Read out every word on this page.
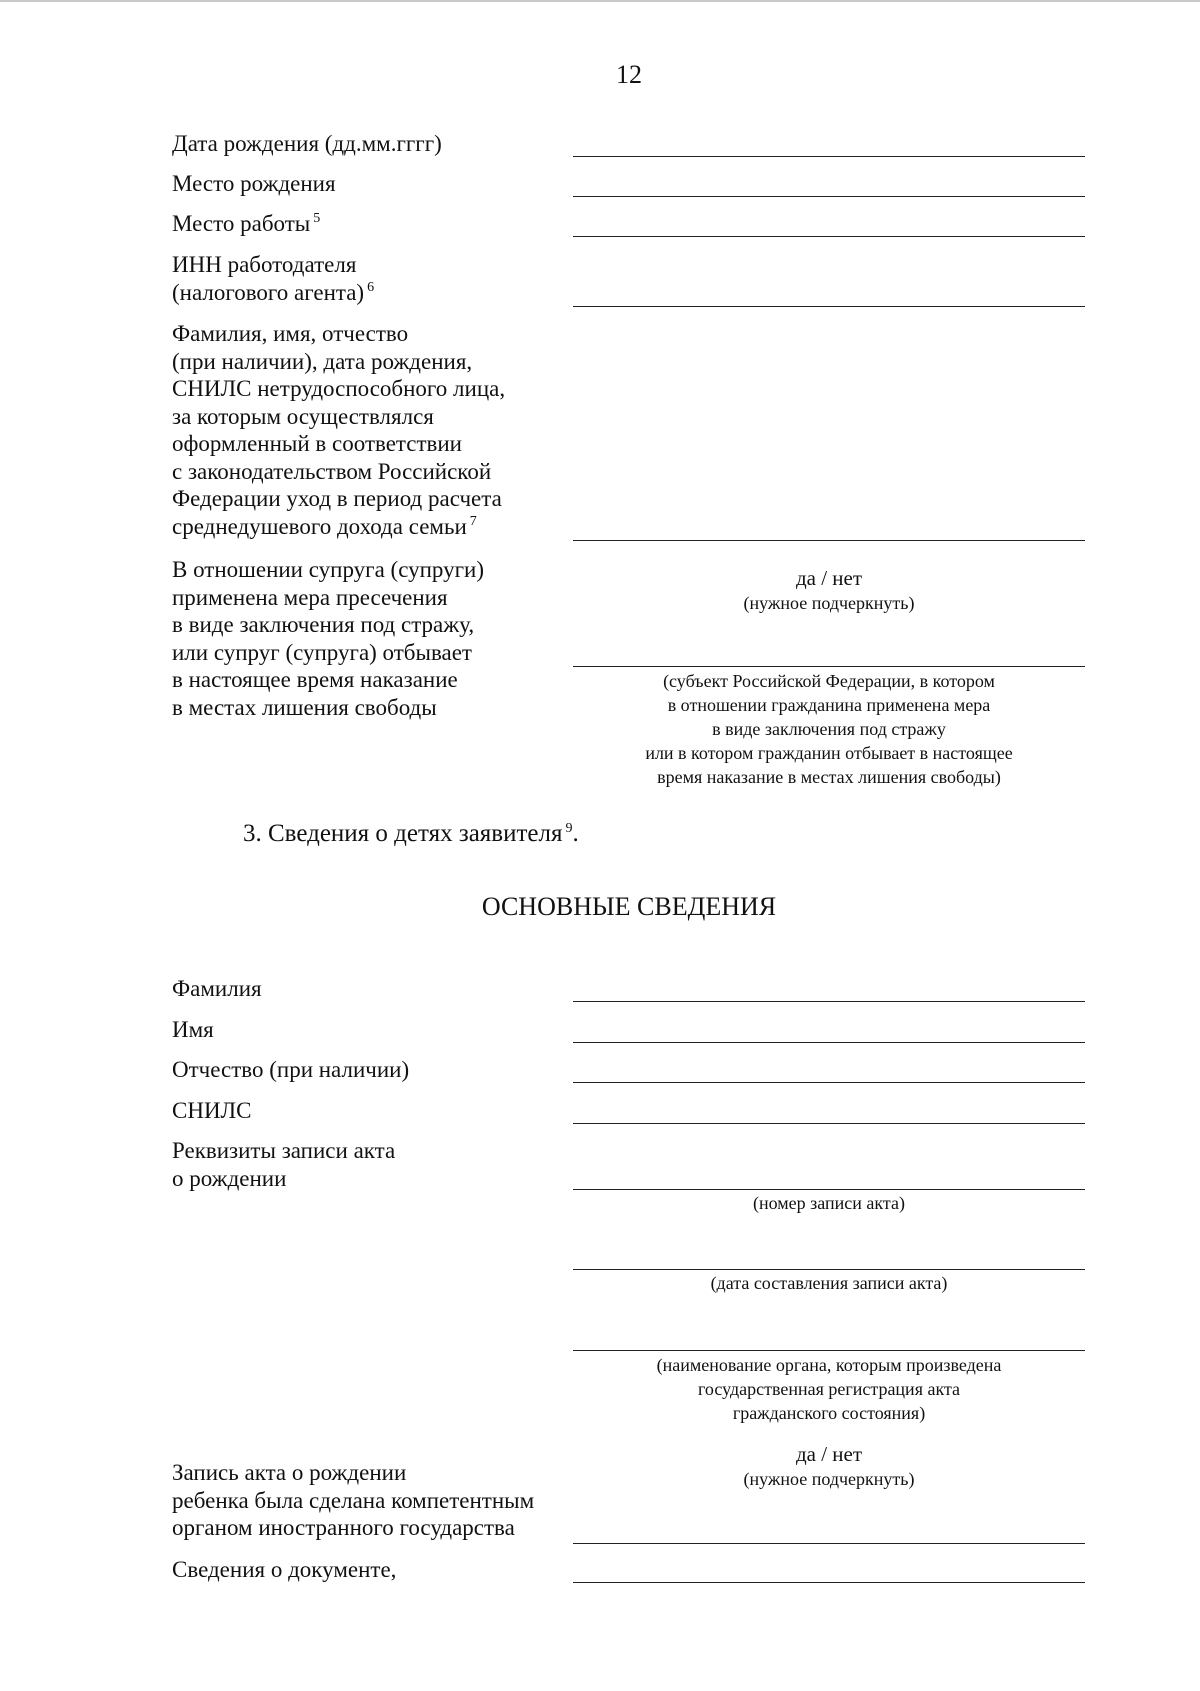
12
Дата рождения (дд.мм.гггг)
Место рождения
Место работы $^5$
ИНН работодателя
(налогового агента) $^6$
Фамилия, имя, отчество
(при наличии), дата рождения,
СНИЛС нетрудоспособного лица,
за которым осуществлялся
оформленный в соответствии
с законодательством Российской
Федерации уход в период расчета
среднедушевого дохода семьи $^7$
В отношении супруга (супруги)
применена мера пресечения
в виде заключения под стражу,
или супруг (супруга) отбывает
в настоящее время наказание
в местах лишения свободы
да / нет
(нужное подчеркнуть)
(субъект Российской Федерации, в котором
в отношении гражданина применена мера
в виде заключения под стражу
или в котором гражданин отбывает в настоящее
время наказание в местах лишения свободы)
3. Сведения о детях заявителя $^9$.
ОСНОВНЫЕ СВЕДЕНИЯ
Фамилия
Имя
Отчество (при наличии)
СНИЛС
Реквизиты записи акта
о рождении
(номер записи акта)
(дата составления записи акта)
(наименование органа, которым произведена
государственная регистрация акта
гражданского состояния)
да / нет
(нужное подчеркнуть)
Запись акта о рождении
ребенка была сделана компетентным
органом иностранного государства
Сведения о документе,
